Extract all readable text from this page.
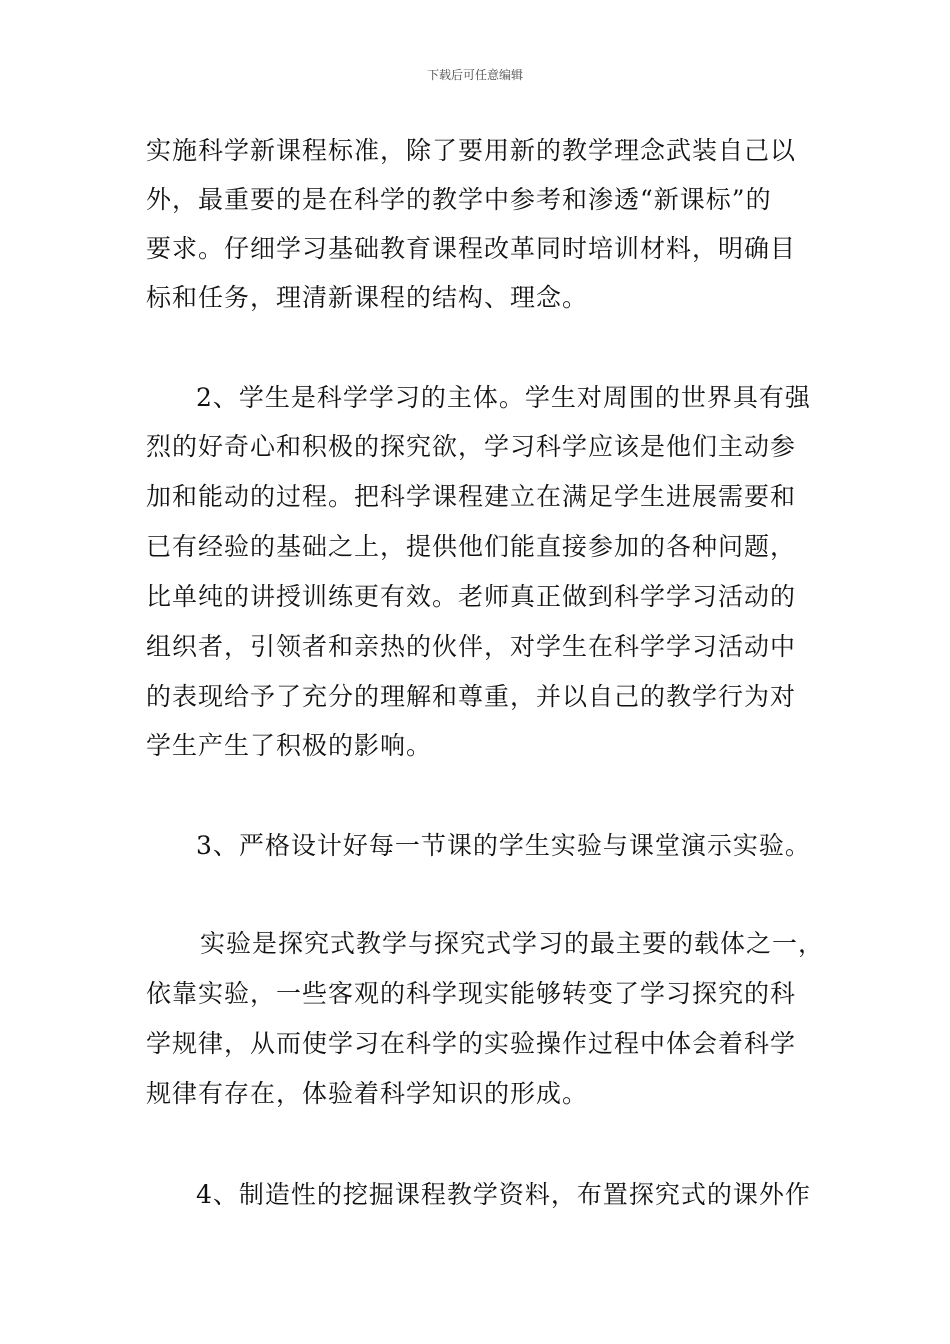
下载后可任意编辑
实施科学新课程标准，除了要用新的教学理念武装自己以
外，最重要的是在科学的教学中参考和渗透“新课标”的
要求。仔细学习基础教育课程改革同时培训材料，明确目
标和任务，理清新课程的结构、理念。
2、学生是科学学习的主体。学生对周围的世界具有强
烈的好奇心和积极的探究欲，学习科学应该是他们主动参
加和能动的过程。把科学课程建立在满足学生进展需要和
已有经验的基础之上，提供他们能直接参加的各种问题，
比单纯的讲授训练更有效。老师真正做到科学学习活动的
组织者，引领者和亲热的伙伴，对学生在科学学习活动中
的表现给予了充分的理解和尊重，并以自己的教学行为对
学生产生了积极的影响。
3、严格设计好每一节课的学生实验与课堂演示实验。
实验是探究式教学与探究式学习的最主要的载体之一，
依靠实验，一些客观的科学现实能够转变了学习探究的科
学规律，从而使学习在科学的实验操作过程中体会着科学
规律有存在，体验着科学知识的形成。
4、制造性的挖掘课程教学资料，布置探究式的课外作
